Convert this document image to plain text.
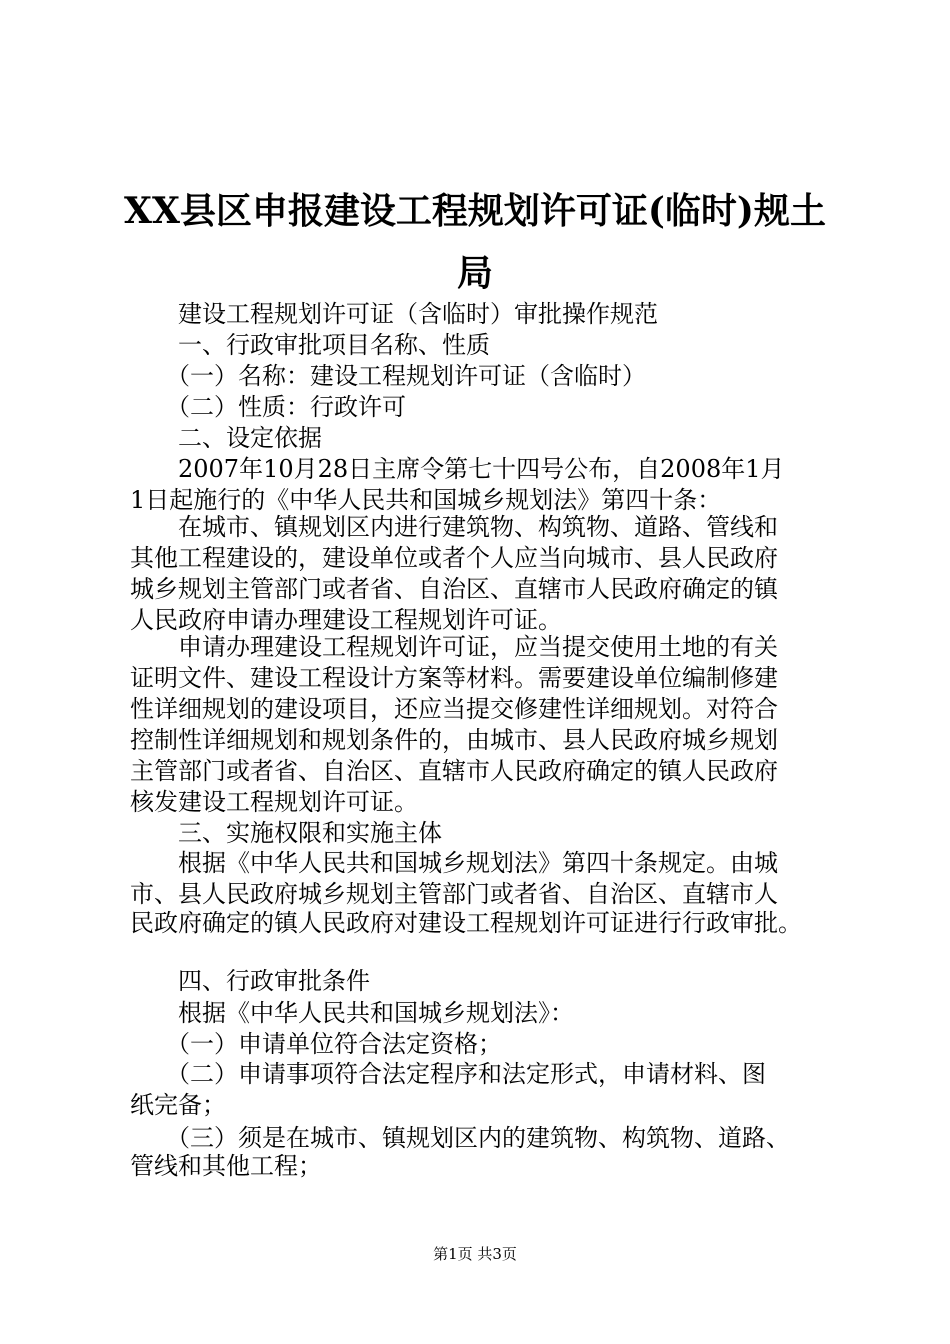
XX县区申报建设工程规划许可证(临时)规土
局

　　建设工程规划许可证（含临时）审批操作规范

　　一、行政审批项目名称、性质

　　（一）名称：建设工程规划许可证（含临时）

　　（二）性质：行政许可

　　二、设定依据

　　2007年10月28日主席令第七十四号公布，自2008年1月

1日起施行的《中华人民共和国城乡规划法》第四十条：

　　在城市、镇规划区内进行建筑物、构筑物、道路、管线和

其他工程建设的，建设单位或者个人应当向城市、县人民政府

城乡规划主管部门或者省、自治区、直辖市人民政府确定的镇

人民政府申请办理建设工程规划许可证。

　　申请办理建设工程规划许可证，应当提交使用土地的有关

证明文件、建设工程设计方案等材料。需要建设单位编制修建

性详细规划的建设项目，还应当提交修建性详细规划。对符合

控制性详细规划和规划条件的，由城市、县人民政府城乡规划

主管部门或者省、自治区、直辖市人民政府确定的镇人民政府

核发建设工程规划许可证。

　　三、实施权限和实施主体

　　根据《中华人民共和国城乡规划法》第四十条规定。由城

市、县人民政府城乡规划主管部门或者省、自治区、直辖市人

民政府确定的镇人民政府对建设工程规划许可证进行行政审批。

　　四、行政审批条件

　　根据《中华人民共和国城乡规划法》：

　　（一）申请单位符合法定资格；

　　（二）申请事项符合法定程序和法定形式，申请材料、图

纸完备；

　　（三）须是在城市、镇规划区内的建筑物、构筑物、道路、

管线和其他工程；

第1页 共3页
